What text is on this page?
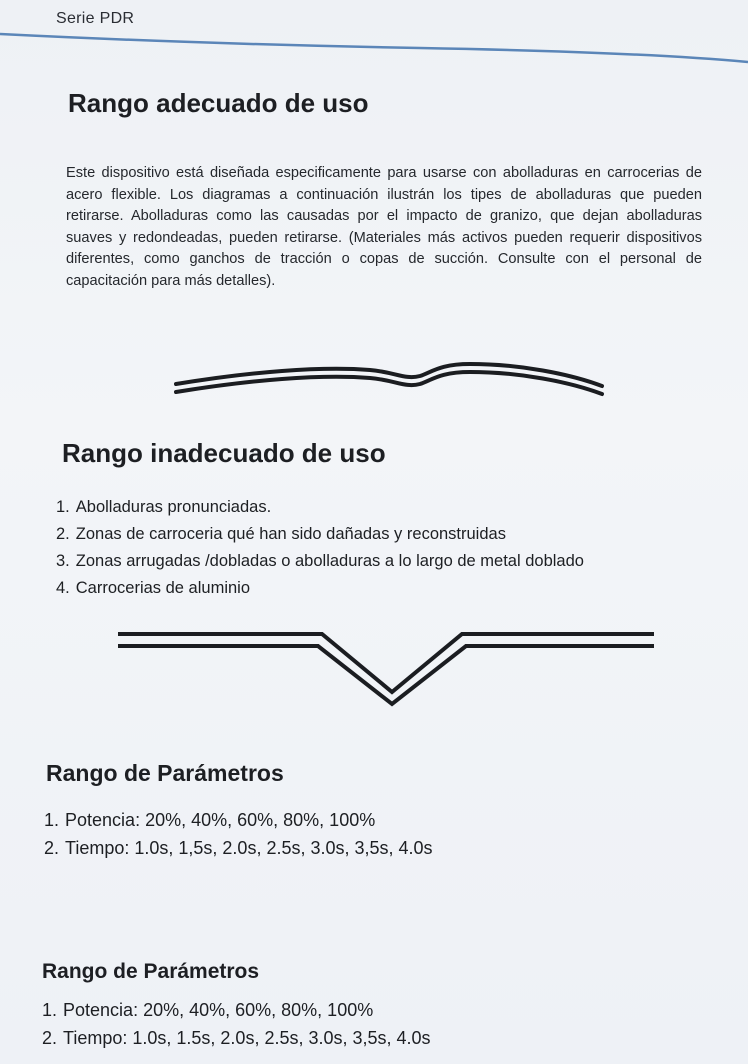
Serie PDR
Rango adecuado de uso

Este dispositivo está diseñada especificamente para usarse con abolladuras en carrocerias de acero flexible. Los diagramas a continuación ilustrán los tipes de abolladuras que pueden retirarse. Abolladuras como las causadas por el impacto de granizo, que dejan abolladuras suaves y redondeadas, pueden retirarse. (Materiales más activos pueden requerir dispositivos diferentes, como ganchos de tracción o copas de succión. Consulte con el personal de capacitación para más detalles).

Rango inadecuado de uso
1. Abolladuras pronunciadas.
2. Zonas de carroceria qué han sido dañadas y reconstruidas
3. Zonas arrugadas /dobladas o abolladuras a lo largo de metal doblado
4. Carrocerias de aluminio
Rango de Parámetros
1. Potencia: 20%, 40%, 60%, 80%, 100%
2. Tiempo: 1.0s, 1,5s, 2.0s, 2.5s, 3.0s, 3,5s, 4.0s
Rango de Parámetros
1. Potencia: 20%, 40%, 60%, 80%, 100%
2. Tiempo: 1.0s, 1.5s, 2.0s, 2.5s, 3.0s, 3,5s, 4.0s
